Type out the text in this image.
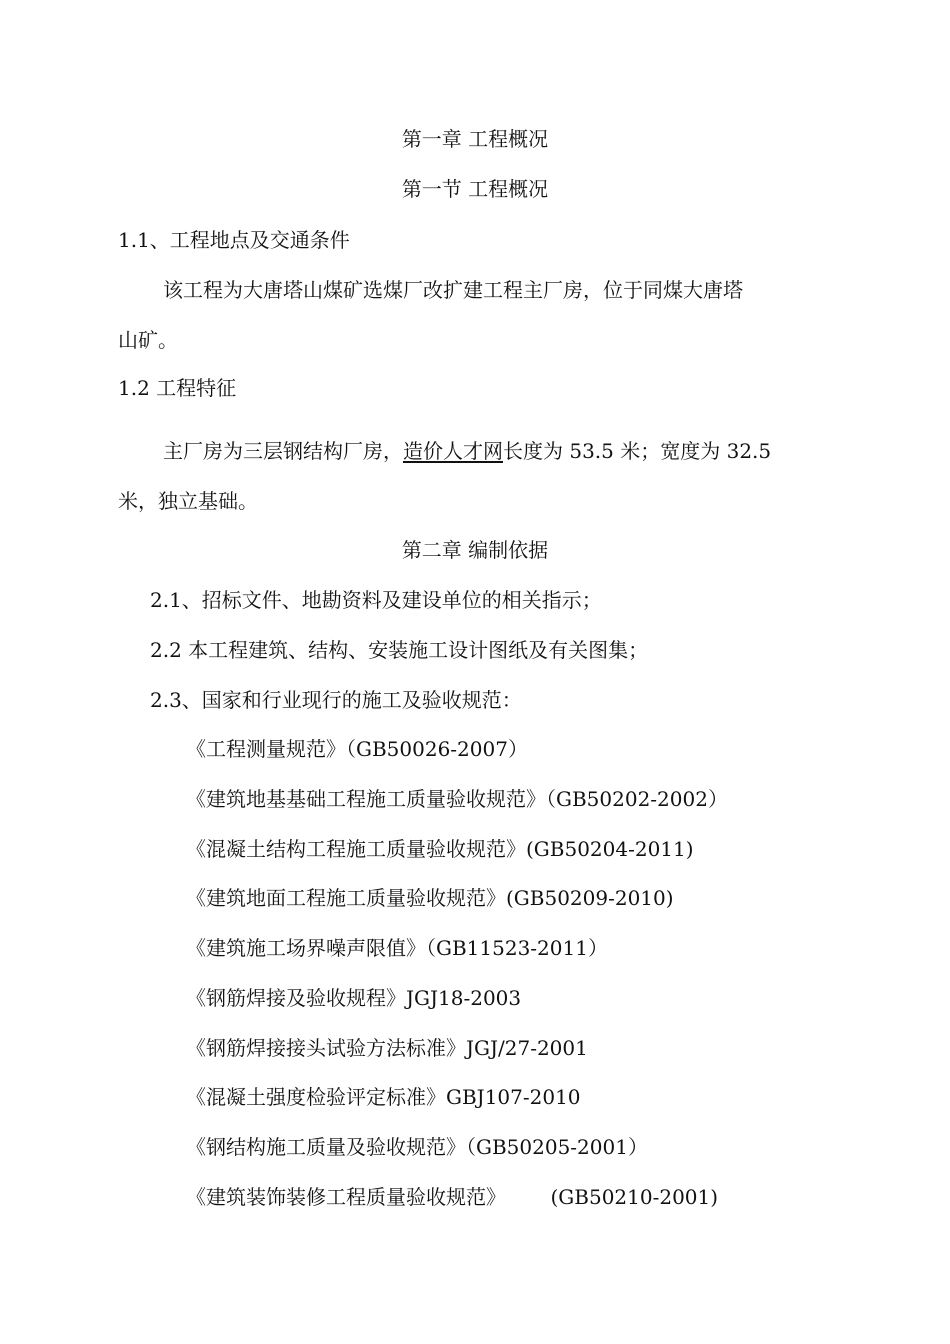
第一章 工程概况
第一节 工程概况
1.1、工程地点及交通条件
该工程为大唐塔山煤矿选煤厂改扩建工程主厂房，位于同煤大唐塔
山矿。
1.2 工程特征
主厂房为三层钢结构厂房，造价人才网长度为 53.5 米；宽度为 32.5
米，独立基础。
第二章 编制依据
2.1、招标文件、地勘资料及建设单位的相关指示；
2.2 本工程建筑、结构、安装施工设计图纸及有关图集；
2.3、国家和行业现行的施工及验收规范：
《工程测量规范》（GB50026-2007）
《建筑地基基础工程施工质量验收规范》（GB50202-2002）
《混凝土结构工程施工质量验收规范》(GB50204-2011)
《建筑地面工程施工质量验收规范》(GB50209-2010)
《建筑施工场界噪声限值》（GB11523-2011）
《钢筋焊接及验收规程》JGJ18-2003
《钢筋焊接接头试验方法标准》JGJ/27-2001
《混凝土强度检验评定标准》GBJ107-2010
《钢结构施工质量及验收规范》（GB50205-2001）
《建筑装饰装修工程质量验收规范》       (GB50210-2001)
